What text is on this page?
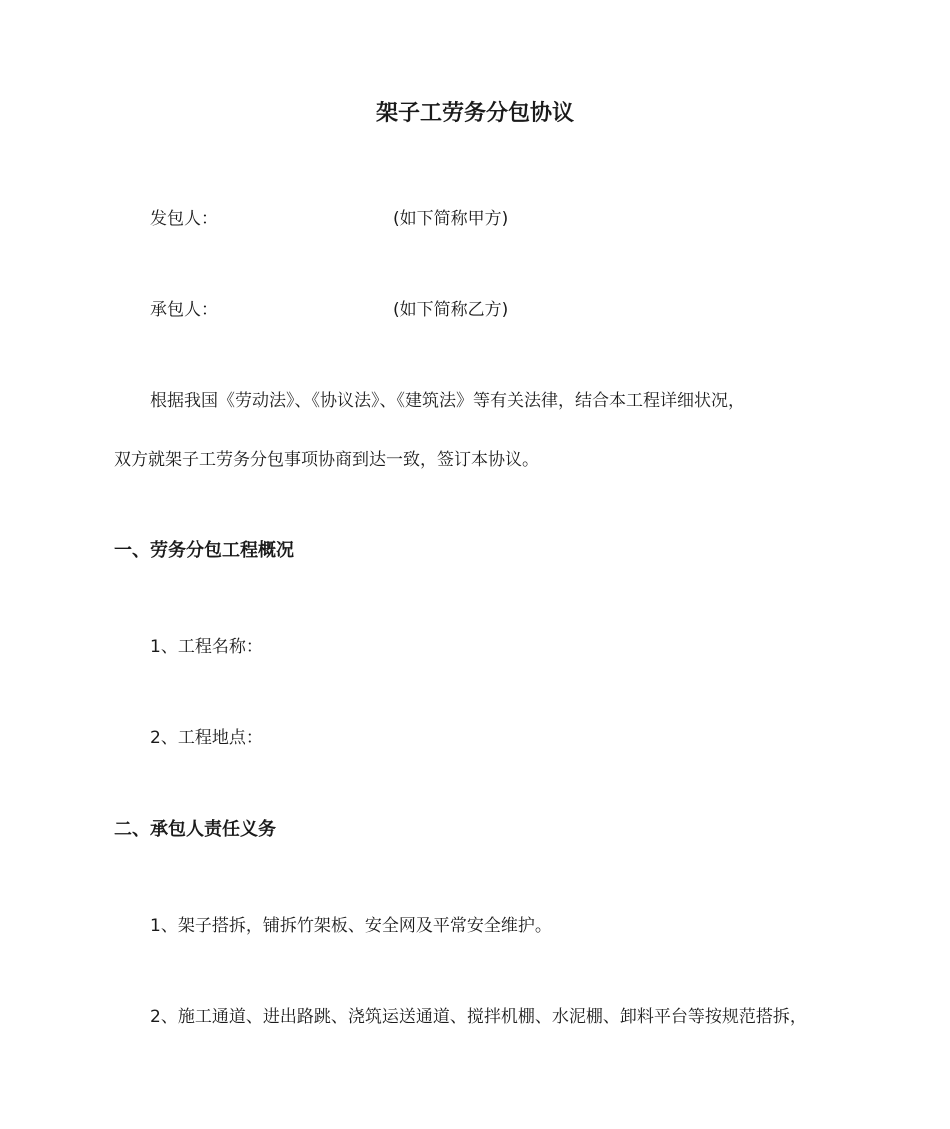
架子工劳务分包协议
发包人：	(如下简称甲方)
承包人：	(如下简称乙方)
根据我国《劳动法》、《协议法》、《建筑法》等有关法律，结合本工程详细状况，
双方就架子工劳务分包事项协商到达一致，签订本协议。
一、劳务分包工程概况
1、工程名称：
2、工程地点：
二、承包人责任义务
1、架子搭拆，铺拆竹架板、安全网及平常安全维护。
2、施工通道、进出路跳、浇筑运送通道、搅拌机棚、水泥棚、卸料平台等按规范搭拆，
